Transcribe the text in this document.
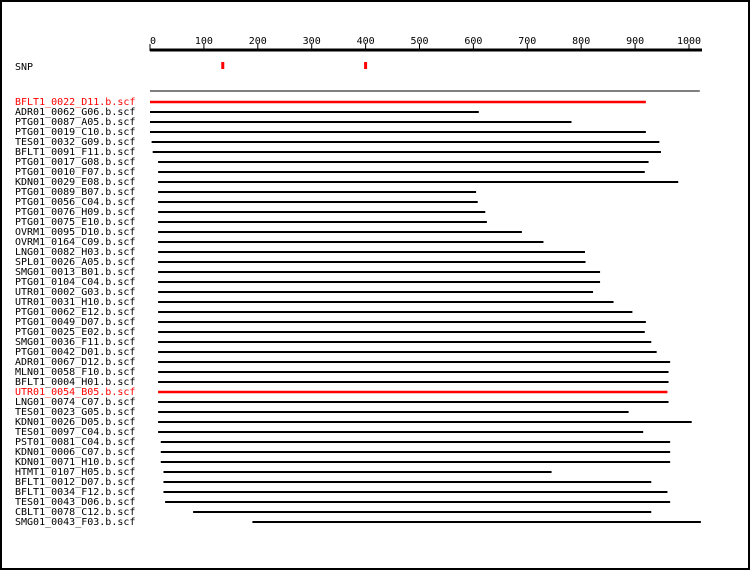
0	100	200	300	400	500	600	700	800	900	1000
SNP
BFLT1_0022_D11.b.scf
ADR01_0062_G06.b.scf
PTG01_0087_A05.b.scf
PTG01_0019_C10.b.scf
TES01_0032_G09.b.scf
BFLT1_0091_F11.b.scf
PTG01_0017_G08.b.scf
PTG01_0010_F07.b.scf
KDN01_0029_E08.b.scf
PTG01_0089_B07.b.scf
PTG01_0056_C04.b.scf
PTG01_0076_H09.b.scf
PTG01_0075_E10.b.scf
OVRM1_0095_D10.b.scf
OVRM1_0164_C09.b.scf
LNG01_0082_H03.b.scf
SPL01_0026_A05.b.scf
SMG01_0013_B01.b.scf
PTG01_0104_C04.b.scf
UTR01_0002_G03.b.scf
UTR01_0031_H10.b.scf
PTG01_0062_E12.b.scf
PTG01_0049_D07.b.scf
PTG01_0025_E02.b.scf
SMG01_0036_F11.b.scf
PTG01_0042_D01.b.scf
ADR01_0067_D12.b.scf
MLN01_0058_F10.b.scf
BFLT1_0004_H01.b.scf
UTR01_0054_B05.b.scf
LNG01_0074_C07.b.scf
TES01_0023_G05.b.scf
KDN01_0026_D05.b.scf
TES01_0097_C04.b.scf
PST01_0081_C04.b.scf
KDN01_0006_C07.b.scf
KDN01_0071_H10.b.scf
HTMT1_0107_H05.b.scf
BFLT1_0012_D07.b.scf
BFLT1_0034_F12.b.scf
TES01_0043_D06.b.scf
CBLT1_0078_C12.b.scf
SMG01_0043_F03.b.scf
